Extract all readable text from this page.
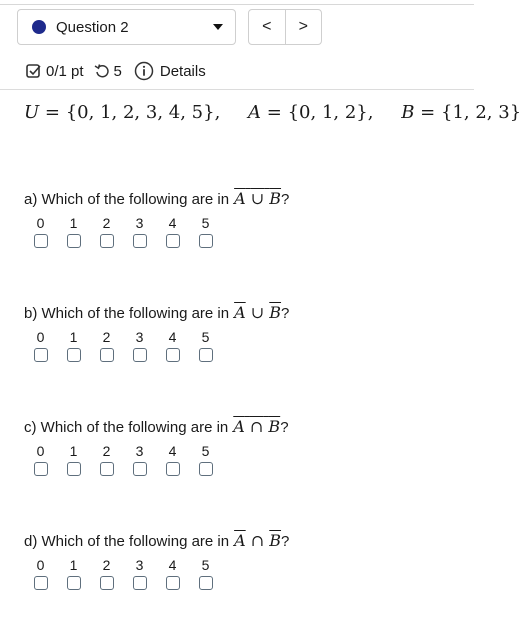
Question 2	<	>
0/1 pt 5	Details
U = {0, 1, 2, 3, 4, 5}, A = {0, 1, 2}, B = {1, 2, 3}
a) Which of the following are in A ∪ B ?
0 1 2 3 4 5
b) Which of the following are in $\overline{A}$ ∪ $\overline{B}$ ?
0 1 2 3 4 5
c) Which of the following are in A ∩ B ?
0 1 2 3 4 5
d) Which of the following are in $\overline{A}$ ∩ $\overline{B}$ ?
0 1 2 3 4 5
